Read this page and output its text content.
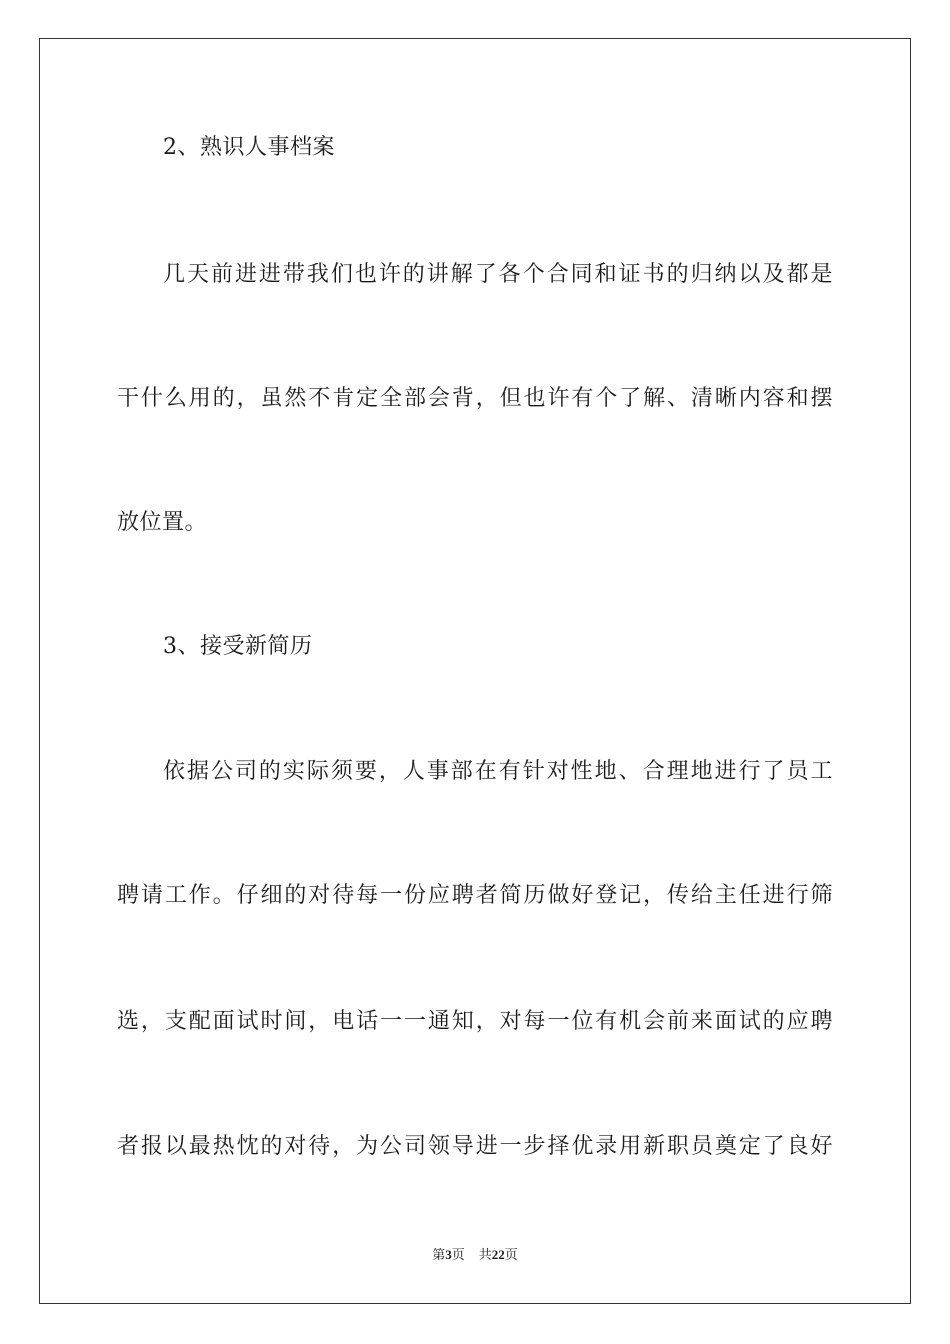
2、熟识人事档案
几天前进进带我们也许的讲解了各个合同和证书的归纳以及都是
干什么用的，虽然不肯定全部会背，但也许有个了解、清晰内容和摆
放位置。
3、接受新简历
依据公司的实际须要，人事部在有针对性地、合理地进行了员工
聘请工作。仔细的对待每一份应聘者简历做好登记，传给主任进行筛
选，支配面试时间，电话一一通知，对每一位有机会前来面试的应聘
者报以最热忱的对待，为公司领导进一步择优录用新职员奠定了良好
第3页 共22页
